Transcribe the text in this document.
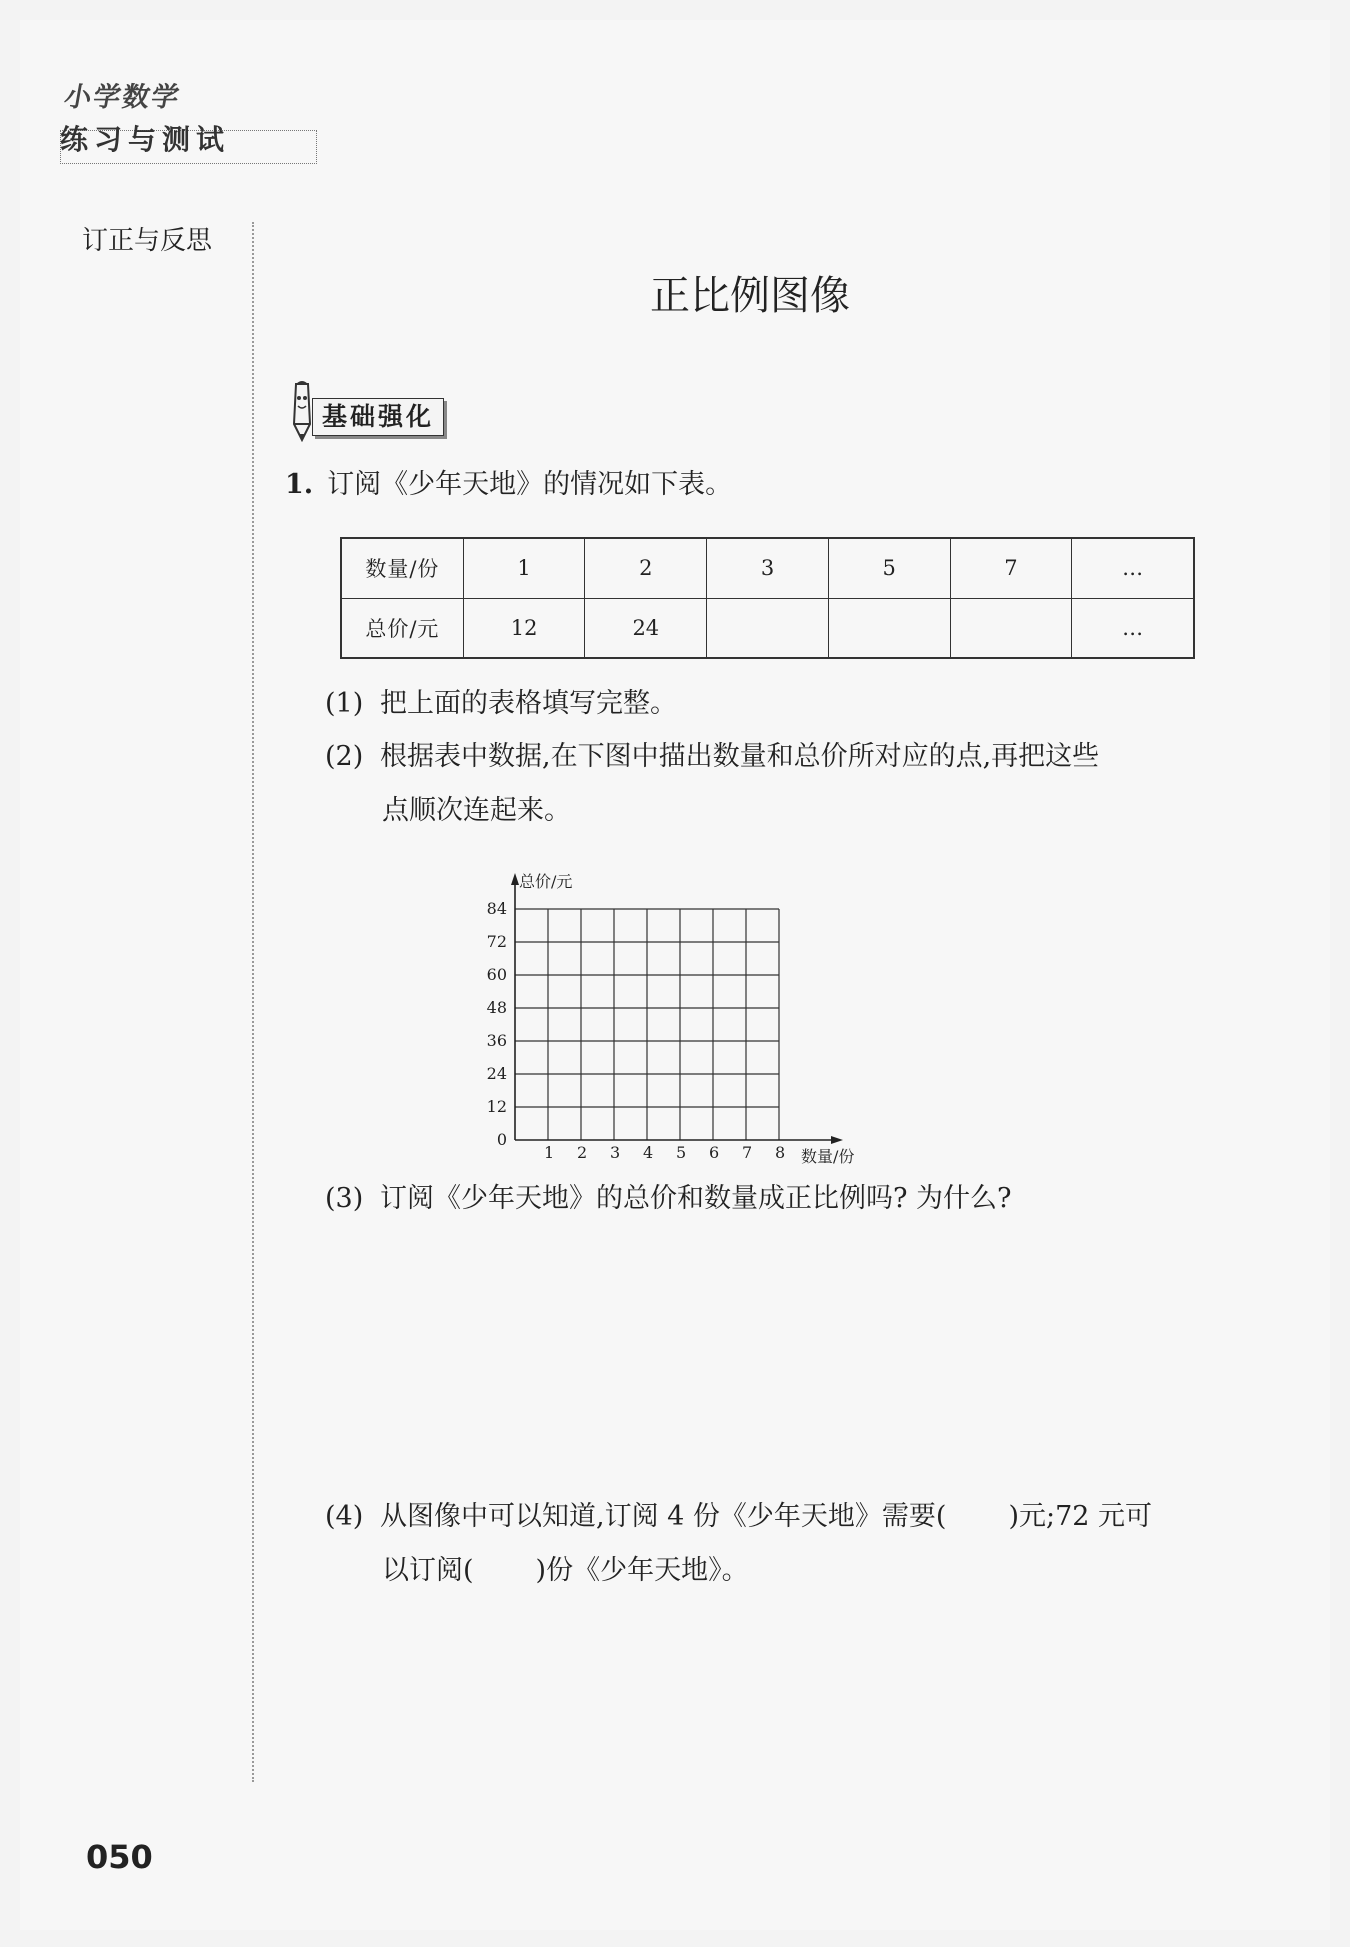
小学数学
练习与测试
订正与反思
正比例图像
基础强化
1. 订阅《少年天地》的情况如下表。
数量/份	1	2	3	5	7	…
总价/元	12	24				…
(1) 把上面的表格填写完整。
(2) 根据表中数据,在下图中描出数量和总价所对应的点,再把这些
点顺次连起来。
总价/元
数量/份
1 2 3 4 5 6 7 8
0
12
24
36
48
60
72
84
(3) 订阅《少年天地》的总价和数量成正比例吗? 为什么?
(4) 从图像中可以知道,订阅 4 份《少年天地》需要( )元;72 元可
以订阅( )份《少年天地》。
050
